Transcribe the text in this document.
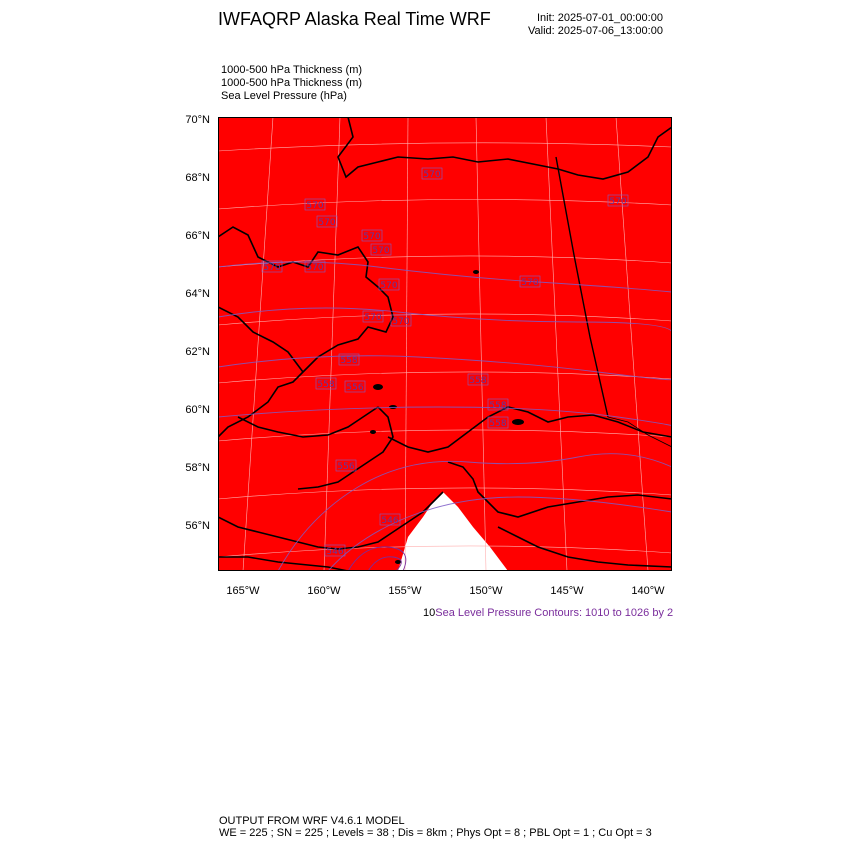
IWFAQRP Alaska Real Time WRF	Init: 2025-07-01_00:00:00
Valid: 2025-07-06_13:00:00
1000-500 hPa Thickness (m)
1000-500 hPa Thickness (m)
Sea Level Pressure (hPa)
570
570
570
570
570
570	570
570
570
570
570 570
558
558 556
558
558
558
556
546
546
70°N
68°N
66°N
64°N
62°N
60°N
58°N
56°N
165°W	160°W	155°W	150°W	145°W	140°W
10Sea Level Pressure Contours: 1010 to 1026 by 2
OUTPUT FROM WRF V4.6.1 MODEL
WE = 225 ; SN = 225 ; Levels = 38 ; Dis = 8km ; Phys Opt = 8 ; PBL Opt = 1 ; Cu Opt = 3
